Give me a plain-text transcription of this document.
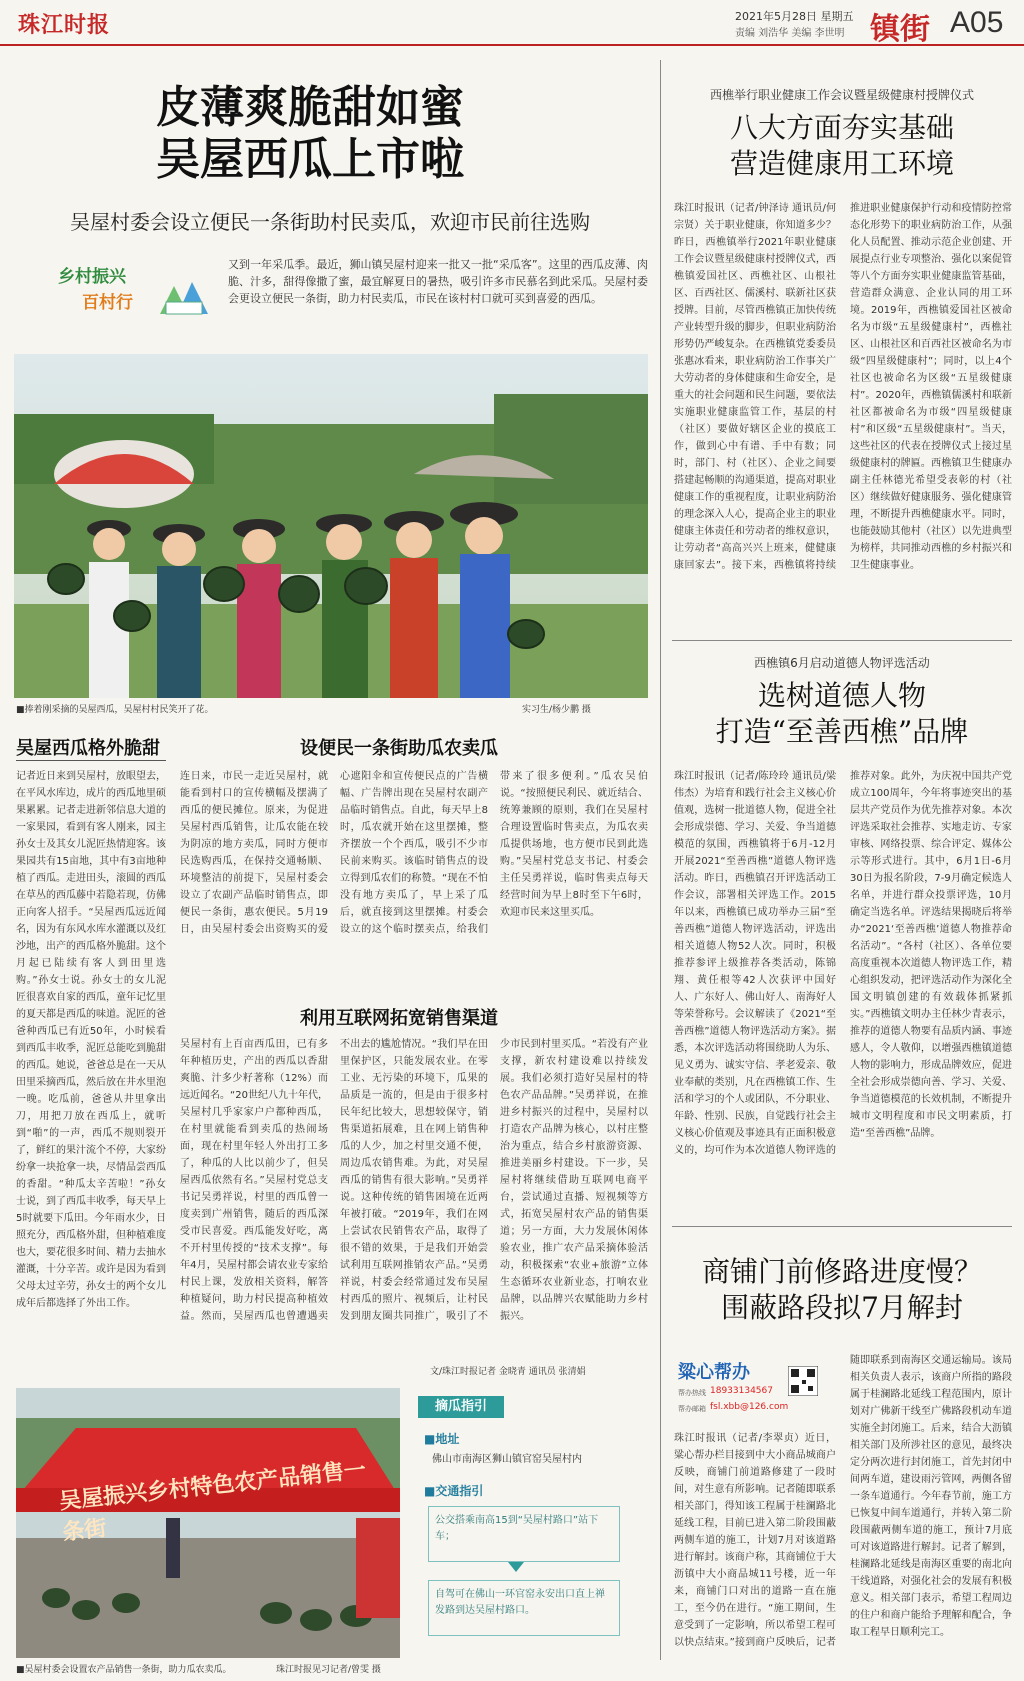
珠江时报	2021年5月28日 星期五
责编 刘浩华 美编 李世明 镇街 A05
皮薄爽脆甜如蜜
吴屋西瓜上市啦
吴屋村委会设立便民一条街助村民卖瓜，欢迎市民前往选购
乡村振兴
百村行
又到一年采瓜季。最近，狮山镇吴屋村迎来一批又一批“采瓜客”。这里的西瓜皮薄、肉脆、汁多，甜得像撒了蜜，最宜解夏日的暑热，吸引许多市民慕名到此采瓜。吴屋村委会更设立便民一条街，助力村民卖瓜，市民在该村村口就可买到喜爱的西瓜。
■捧着刚采摘的吴屋西瓜，吴屋村村民笑开了花。	实习生/杨少鹏 摄
吴屋西瓜格外脆甜
记者近日来到吴屋村，放眼望去，在平风水库边，成片的西瓜地里硕果累累。记者走进新邻信息大道的一家果园，看到有客人刚来，园主孙女士及其女儿泥匠热情迎客。该果园共有15亩地，其中有3亩地种植了西瓜。走进田头，滚圆的西瓜在草丛的西瓜藤中若隐若现，仿佛正向客人招手。“吴屋西瓜远近闻名，因为有东风水库水灌溉以及红沙地，出产的西瓜格外脆甜。这个月起已陆续有客人到田里选购。”孙女士说。孙女士的女儿泥匠很喜欢自家的西瓜，童年记忆里的夏天都是西瓜的味道。泥匠的爸爸种西瓜已有近50年，小时候看到西瓜丰收季，泥匠总能吃到脆甜的西瓜。她说，爸爸总是在一天从田里采摘西瓜，然后放在井水里泡一晚。吃瓜前，爸爸从井里拿出刀，用把刀放在西瓜上，就听到“啪”的一声，西瓜不规则裂开了，鲜红的果汁流个不停，大家纷纷拿一块抢拿一块，尽情品尝西瓜的香甜。“种瓜太辛苦啦！”孙女士说，到了西瓜丰收季，每天早上5时就要下瓜田。今年雨水少，日照充分，西瓜格外甜，但种植难度也大，要花很多时间、精力去抽水灌溉，十分辛苦。或许是因为看到父母太过辛劳，孙女士的两个女儿成年后都选择了外出工作。
设便民一条街助瓜农卖瓜
连日来，市民一走近吴屋村，就能看到村口的宣传横幅及摆满了西瓜的便民摊位。原来，为促进吴屋村西瓜销售，让瓜农能在较为阴凉的地方卖瓜，同时方便市民选购西瓜，在保持交通畅顺、环境整洁的前提下，吴屋村委会设立了农副产品临时销售点，即便民一条街，惠农便民。5月19日，由吴屋村委会出资购买的爱心遮阳伞和宣传便民点的广告横幅、广告牌出现在吴屋村农副产品临时销售点。自此，每天早上8时，瓜农就开始在这里摆摊，整齐摆放一个个西瓜，吸引不少市民前来购买。该临时销售点的设立得到瓜农们的称赞。“现在不怕没有地方卖瓜了，早上采了瓜后，就直接到这里摆摊。村委会设立的这个临时摆卖点，给我们带来了很多便利。”瓜农吴伯说。“按照便民利民、就近结合、统筹兼顾的原则，我们在吴屋村合理设置临时售卖点，为瓜农卖瓜提供场地，也方便市民到此选购。”吴屋村党总支书记、村委会主任吴勇祥说，临时售卖点每天经营时间为早上8时至下午6时，欢迎市民来这里买瓜。
利用互联网拓宽销售渠道
吴屋村有上百亩西瓜田，已有多年种植历史，产出的西瓜以香甜爽脆、汁多少籽著称（12%）而远近闻名。“20世纪八九十年代，吴屋村几乎家家户户都种西瓜，在村里就能看到卖瓜的热闹场面，现在村里年轻人外出打工多了，种瓜的人比以前少了，但吴屋西瓜依然有名。”吴屋村党总支书记吴勇祥说，村里的西瓜曾一度卖到广州销售，随后的西瓜深受市民喜爱。西瓜能发好吃，离不开村里传授的“技术支撑”。每年4月，吴屋村都会请农业专家给村民上课，发放相关资料，解答种植疑问，助力村民提高种植效益。然而，吴屋西瓜也曾遭遇卖不出去的尴尬情况。“我们早在田里保护区，只能发展农业。在零工业、无污染的环境下，瓜果的品质是一流的，但是由于很多村民年纪比较大，思想较保守，销售渠道拓展难，且在网上销售种瓜的人少，加之村里交通不便，周边瓜农销售难。为此，对吴屋西瓜的销售有很大影响。”吴勇祥说。这种传统的销售困境在近两年被打破。“2019年，我们在网上尝试农民销售农产品，取得了很不错的效果，于是我们开始尝试利用互联网推销农产品。”吴勇祥说，村委会经常通过发布吴屋村西瓜的照片、视频后，让村民发到朋友圈共同推广，吸引了不少市民到村里买瓜。“若没有产业支撑，新农村建设难以持续发展。我们必须打造好吴屋村的特色农产品品牌。”吴勇祥说，在推进乡村振兴的过程中，吴屋村以打造农产品牌为核心，以村庄整治为重点，结合乡村旅游资源、推进美丽乡村建设。下一步，吴屋村将继续借助互联网电商平台，尝试通过直播、短视频等方式，拓宽吴屋村农产品的销售渠道；另一方面，大力发展休闲体验农业，推广农产品采摘体验活动，积极探索“农业+旅游”立体生态循环农业新业态，打响农业品牌，以品牌兴农赋能助力乡村振兴。
文/珠江时报记者 金晓青 通讯员 张清娟
吴屋振兴乡村特色农产品销售一条街
■吴屋村委会设置农产品销售一条街，助力瓜农卖瓜。	珠江时报见习记者/曾雯 摄
摘瓜指引
■地址
佛山市南海区狮山镇官窑吴屋村内
■交通指引
公交搭乘南高15到“吴屋村路口”站下车；
自驾可在佛山一环官窑永安出口直上禅发路到达吴屋村路口。
西樵举行职业健康工作会议暨星级健康村授牌仪式
八大方面夯实基础
营造健康用工环境
珠江时报讯（记者/钟泽诗 通讯员/何宗贤）关于职业健康，你知道多少？昨日，西樵镇举行2021年职业健康工作会议暨星级健康村授牌仪式，西樵镇爱国社区、西樵社区、山根社区、百西社区、儒溪村、联新社区获授牌。目前，尽管西樵镇正加快传统产业转型升级的脚步，但职业病防治形势仍严峻复杂。在西樵镇党委委员张惠冰看来，职业病防治工作事关广大劳动者的身体健康和生命安全，是重大的社会问题和民生问题，要依法实施职业健康监管工作，基层的村（社区）要做好辖区企业的摸底工作，做到心中有谱、手中有数；同时，部门、村（社区）、企业之间要搭建起畅顺的沟通渠道，提高对职业健康工作的重视程度，让职业病防治的理念深入人心，提高企业主的职业健康主体责任和劳动者的维权意识，让劳动者“高高兴兴上班来，健健康康回家去”。接下来，西樵镇将持续推进职业健康保护行动和疫情防控常态化形势下的职业病防治工作，从强化人员配置、推动示范企业创建、开展提点行业专项整治、强化以案促管等八个方面夯实职业健康监管基础，营造群众满意、企业认同的用工环境。2019年，西樵镇爱国社区被命名为市级“五星级健康村”，西樵社区、山根社区和百西社区被命名为市级“四星级健康村”；同时，以上4个社区也被命名为区级“五星级健康村”。2020年，西樵镇儒溪村和联新社区都被命名为市级“四星级健康村”和区级“五星级健康村”。当天，这些社区的代表在授牌仪式上接过星级健康村的牌匾。西樵镇卫生健康办副主任林德光希望受表彰的村（社区）继续做好健康服务、强化健康管理，不断提升西樵健康水平。同时，也能鼓励其他村（社区）以先进典型为榜样，共同推动西樵的乡村振兴和卫生健康事业。
西樵镇6月启动道德人物评选活动
选树道德人物
打造“至善西樵”品牌
珠江时报讯（记者/陈玲玲 通讯员/梁伟杰）为培育和践行社会主义核心价值观，选树一批道德人物，促进全社会形成崇德、学习、关爱、争当道德模范的氛围，西樵镇将于6月-12月开展2021“至善西樵”道德人物评选活动。昨日，西樵镇召开评选活动工作会议，部署相关评选工作。2015年以来，西樵镇已成功举办三届“至善西樵”道德人物评选活动，评选出相关道德人物52人次。同时，积极推荐参评上级推荐各类活动，陈锦翔、黄任根等42人次获评中国好人、广东好人、佛山好人、南海好人等荣誉称号。会议解读了《2021“至善西樵”道德人物评选活动方案》。据悉，本次评选活动将围绕助人为乐、见义勇为、诚实守信、孝老爱亲、敬业奉献的类别，凡在西樵镇工作、生活和学习的个人或团队，不分职业、年龄、性别、民族，自觉践行社会主义核心价值观及事迹具有正面积极意义的，均可作为本次道德人物评选的推荐对象。此外，为庆祝中国共产党成立100周年，今年将事迹突出的基层共产党员作为优先推荐对象。本次评选采取社会推荐、实地走访、专家审核、网络投票、综合评定、媒体公示等形式进行。其中，6月1日-6月30日为报名阶段，7-9月确定候选人名单，并进行群众投票评选，10月确定当选名单。评选结果揭晓后将举办“2021‘至善西樵’道德人物推荐命名活动”。“各村（社区）、各单位要高度重视本次道德人物评选工作，精心组织发动，把评选活动作为深化全国文明镇创建的有效载体抓紧抓实。”西樵镇文明办主任林少青表示，推荐的道德人物要有品质内涵、事迹感人，令人敬仰，以增强西樵镇道德人物的影响力，形成品牌效应，促进全社会形成崇德向善、学习、关爱、争当道德模范的长效机制，不断提升城市文明程度和市民文明素质，打造“至善西樵”品牌。
商铺门前修路进度慢？
围蔽路段拟7月解封
粱心帮办
帮办热线 18933134567
帮办邮箱 fsl.xbb@126.com
珠江时报讯（记者/李翠贞）近日，粱心帮办栏目接到中大小商品城商户反映，商铺门前道路修建了一段时间，对生意有所影响。记者随即联系相关部门，得知该工程属于桂澜路北延线工程，目前已进入第二阶段围蔽两侧车道的施工，计划7月对该道路进行解封。该商户称，其商铺位于大沥镇中大小商品城11号楼，近一年来，商铺门口对出的道路一直在施工，至今仍在进行。“施工期间，生意受到了一定影响，所以希望工程可以快点结束。”接到商户反映后，记者随即联系到南海区交通运输局。该局相关负责人表示，该商户所指的路段属于桂澜路北延线工程范围内，原计划对广佛新干线至广佛路段机动车道实施全封闭施工。后来，结合大沥镇相关部门及所涉社区的意见，最终决定分两次进行封闭施工，首先封闭中间两车道，建设雨污管网，两侧各留一条车道通行。今年春节前，施工方已恢复中间车道通行，并转入第二阶段围蔽两侧车道的施工，预计7月底可对该道路进行解封。记者了解到，桂澜路北延线是南海区重要的南北向干线道路，对强化社会的发展有积极意义。相关部门表示，希望工程周边的住户和商户能给予理解和配合，争取工程早日顺利完工。
